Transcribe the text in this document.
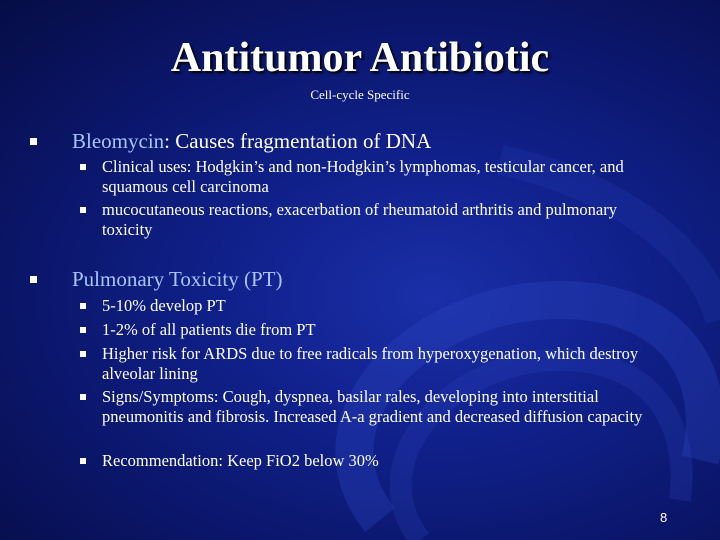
Antitumor Antibiotic
Cell-cycle Specific
Bleomycin: Causes fragmentation of DNA
Clinical uses: Hodgkin’s and non-Hodgkin’s lymphomas, testicular cancer, and squamous cell carcinoma
mucocutaneous reactions, exacerbation of rheumatoid arthritis and pulmonary toxicity
Pulmonary Toxicity (PT)
5-10% develop PT
1-2% of all patients die from PT
Higher risk for ARDS due to free radicals from hyperoxygenation, which destroy alveolar lining
Signs/Symptoms: Cough, dyspnea, basilar rales, developing into interstitial pneumonitis and fibrosis. Increased A-a gradient and decreased diffusion capacity
Recommendation: Keep FiO2 below 30%
8
